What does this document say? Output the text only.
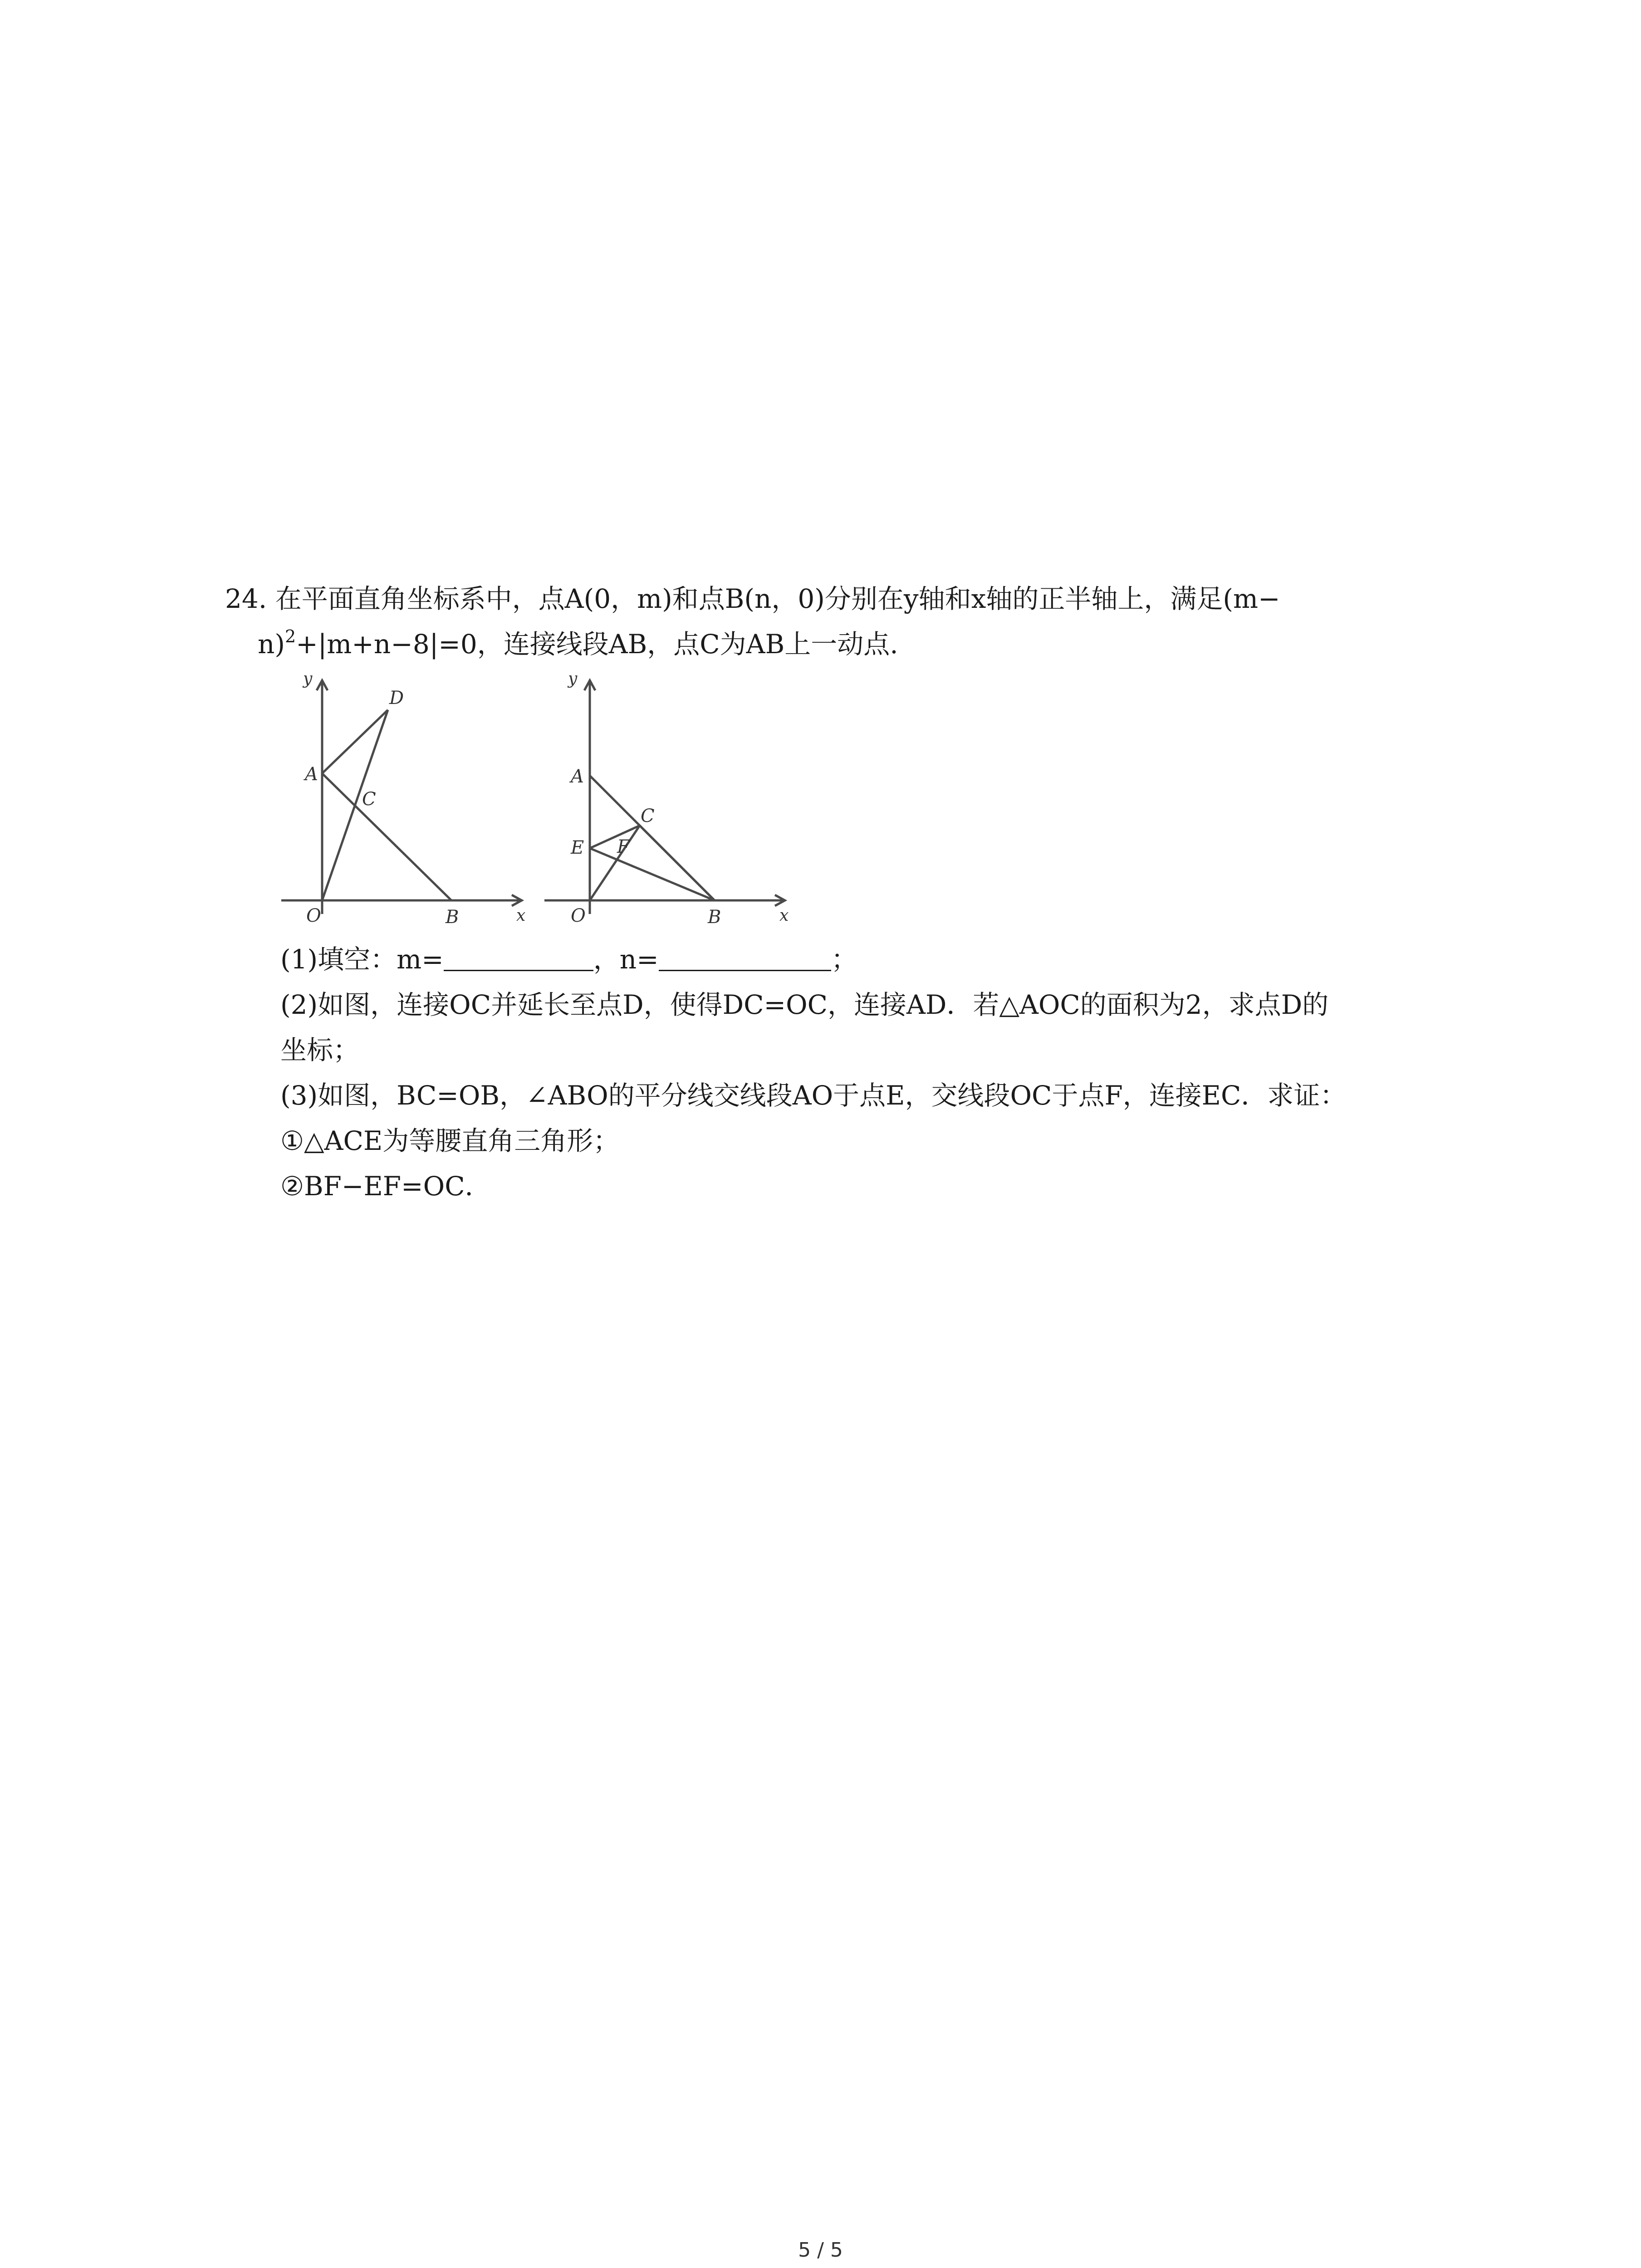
24. 在平面直角坐标系中，点A(0，m)和点B(n，0)分别在y轴和x轴的正半轴上，满足(m−
n)$^2$+|m+n−8|=0，连接线段AB，点C为AB上一动点.
y
x
A
C
D
O	B
y
x
A
C
E F
O	B
(1)填空：m=	，n=	；
(2)如图，连接OC并延长至点D，使得DC=OC，连接AD．若△AOC的面积为2，求点D的
坐标；
(3)如图，BC=OB，∠ABO的平分线交线段AO于点E，交线段OC于点F，连接EC．求证：
①△ACE为等腰直角三角形；
②BF−EF=OC．
5 / 5
